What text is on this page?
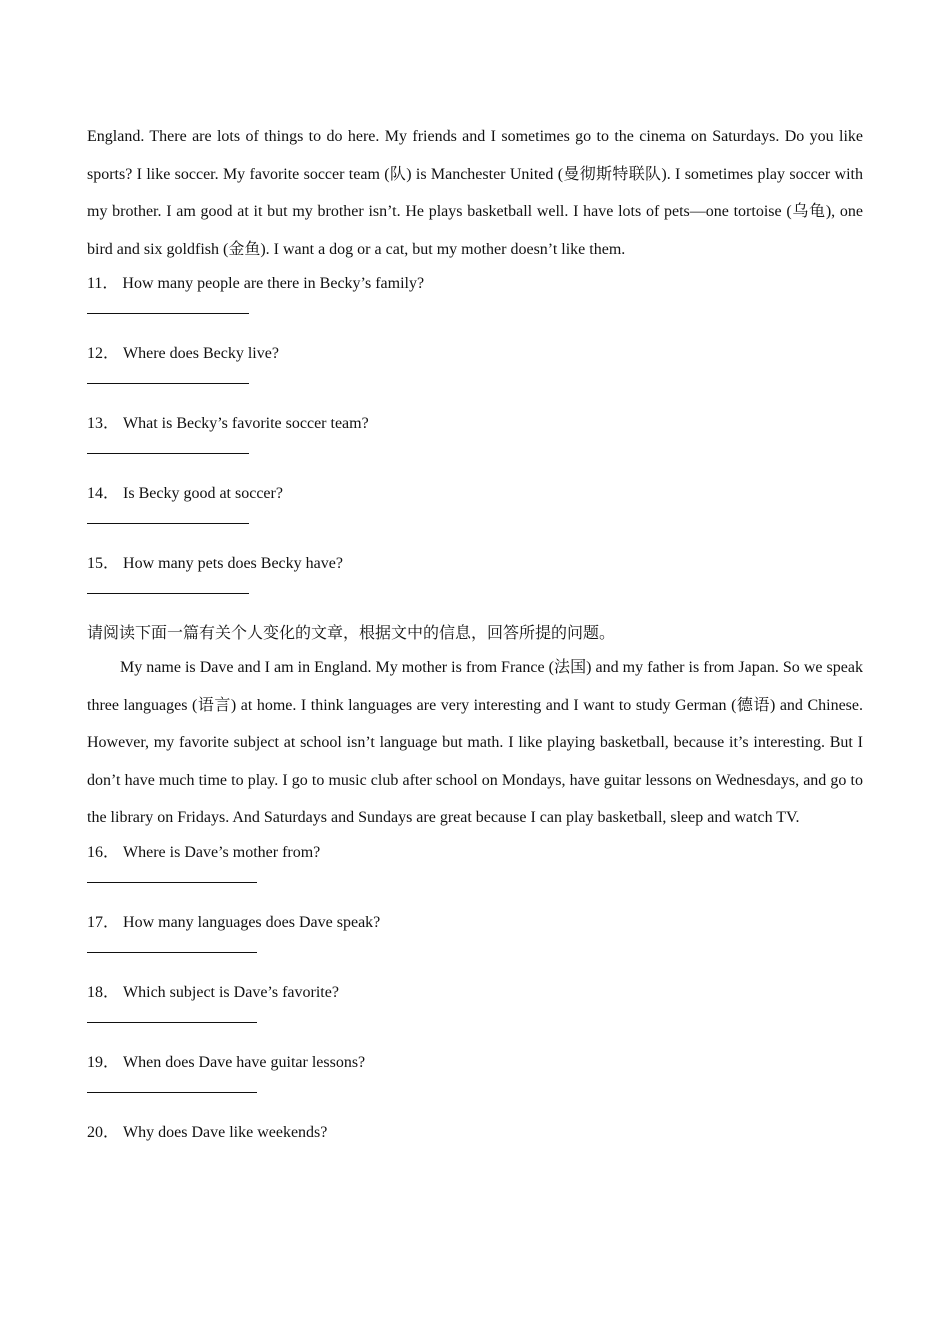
England. There are lots of things to do here. My friends and I sometimes go to the cinema on Saturdays. Do you like sports? I like soccer. My favorite soccer team (队) is Manchester United (曼彻斯特联队). I sometimes play soccer with my brother. I am good at it but my brother isn’t. He plays basketball well. I have lots of pets—one tortoise (乌龟), one bird and six goldfish (金鱼). I want a dog or a cat, but my mother doesn’t like them.

11． How many people are there in Becky’s family?

12． Where does Becky live?

13． What is Becky’s favorite soccer team?

14． Is Becky good at soccer?

15． How many pets does Becky have?

请阅读下面一篇有关个人变化的文章，根据文中的信息，回答所提的问题。

My name is Dave and I am in England. My mother is from France (法国) and my father is from Japan. So we speak three languages (语言) at home. I think languages are very interesting and I want to study German (德语) and Chinese. However, my favorite subject at school isn’t language but math. I like playing basketball, because it’s interesting. But I don’t have much time to play. I go to music club after school on Mondays, have guitar lessons on Wednesdays, and go to the library on Fridays. And Saturdays and Sundays are great because I can play basketball, sleep and watch TV.

16． Where is Dave’s mother from?

17． How many languages does Dave speak?

18． Which subject is Dave’s favorite?

19． When does Dave have guitar lessons?

20． Why does Dave like weekends?
